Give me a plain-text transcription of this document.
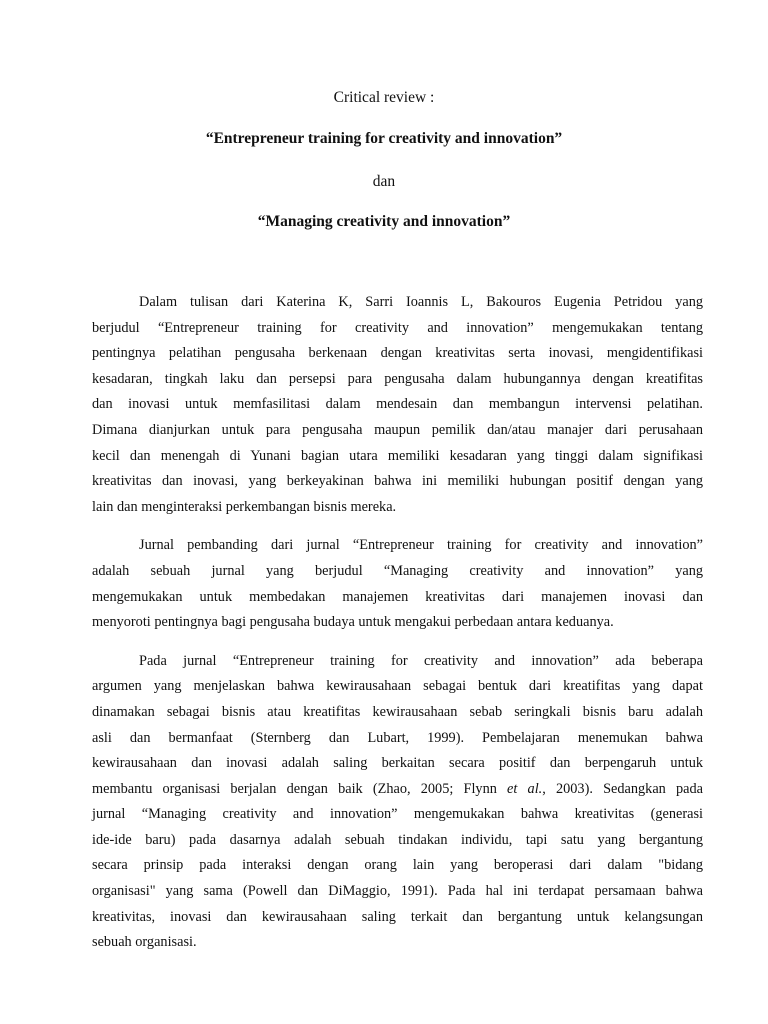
Critical review :
“Entrepreneur training for creativity and innovation”
dan
“Managing creativity and innovation”
Dalam tulisan dari Katerina K, Sarri Ioannis L, Bakouros Eugenia Petridou yang
berjudul “Entrepreneur training for creativity and innovation” mengemukakan tentang
pentingnya pelatihan pengusaha berkenaan dengan kreativitas serta inovasi, mengidentifikasi
kesadaran, tingkah laku dan persepsi para pengusaha dalam hubungannya dengan kreatifitas
dan inovasi untuk memfasilitasi dalam mendesain dan membangun intervensi pelatihan.
Dimana dianjurkan untuk para pengusaha maupun pemilik dan/atau manajer dari perusahaan
kecil dan menengah di Yunani bagian utara memiliki kesadaran yang tinggi dalam signifikasi
kreativitas dan inovasi, yang berkeyakinan bahwa ini memiliki hubungan positif dengan yang
lain dan menginteraksi perkembangan bisnis mereka.
Jurnal pembanding dari jurnal “Entrepreneur training for creativity and innovation”
adalah sebuah jurnal yang berjudul “Managing creativity and innovation” yang
mengemukakan untuk membedakan manajemen kreativitas dari manajemen inovasi dan
menyoroti pentingnya bagi pengusaha budaya untuk mengakui perbedaan antara keduanya.
Pada jurnal “Entrepreneur training for creativity and innovation” ada beberapa
argumen yang menjelaskan bahwa kewirausahaan sebagai bentuk dari kreatifitas yang dapat
dinamakan sebagai bisnis atau kreatifitas kewirausahaan sebab seringkali bisnis baru adalah
asli dan bermanfaat (Sternberg dan Lubart, 1999). Pembelajaran menemukan bahwa
kewirausahaan dan inovasi adalah saling berkaitan secara positif dan berpengaruh untuk
membantu organisasi berjalan dengan baik (Zhao, 2005; Flynn et al., 2003). Sedangkan pada
jurnal “Managing creativity and innovation” mengemukakan bahwa kreativitas (generasi
ide-ide baru) pada dasarnya adalah sebuah tindakan individu, tapi satu yang bergantung
secara prinsip pada interaksi dengan orang lain yang beroperasi dari dalam "bidang
organisasi" yang sama (Powell dan DiMaggio, 1991). Pada hal ini terdapat persamaan bahwa
kreativitas, inovasi dan kewirausahaan saling terkait dan bergantung untuk kelangsungan
sebuah organisasi.
